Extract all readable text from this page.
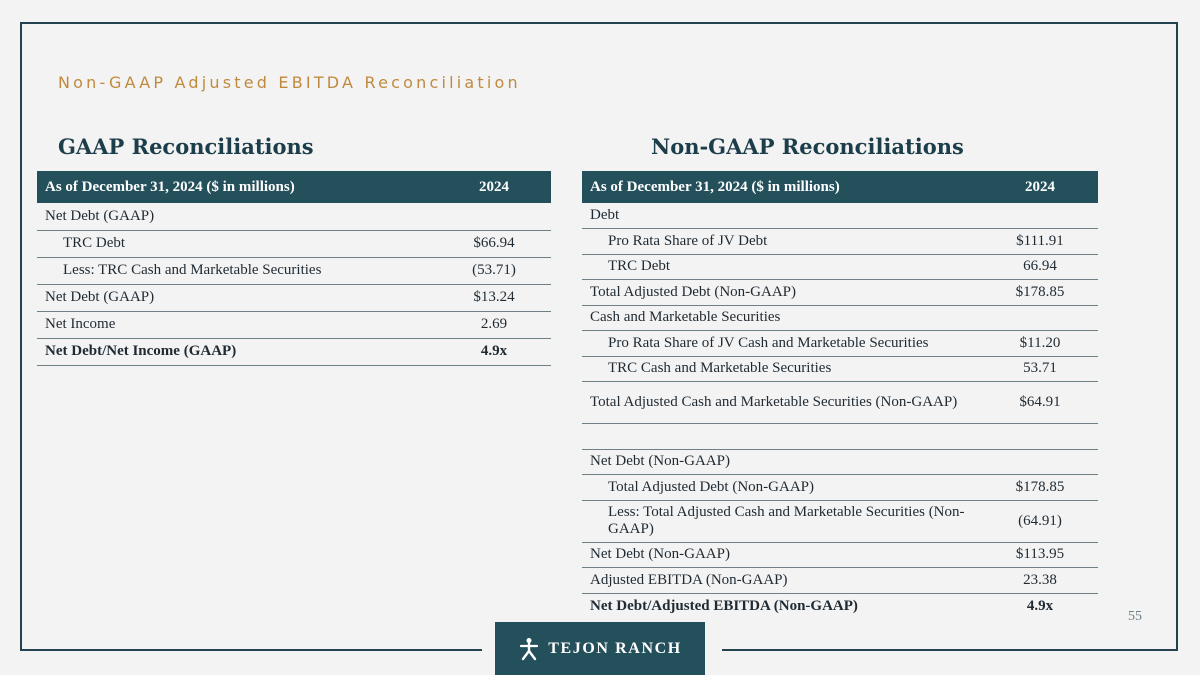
Non-GAAP Adjusted EBITDA Reconciliation
GAAP Reconciliations	Non-GAAP Reconciliations
As of December 31, 2024 ($ in millions)	2024
Net Debt (GAAP)	
TRC Debt	$66.94
Less: TRC Cash and Marketable Securities	(53.71)
Net Debt (GAAP)	$13.24
Net Income	2.69
Net Debt/Net Income (GAAP)	4.9x
As of December 31, 2024 ($ in millions)	2024
Debt	
Pro Rata Share of JV Debt	$111.91
TRC Debt	66.94
Total Adjusted Debt (Non-GAAP)	$178.85
Cash and Marketable Securities	
Pro Rata Share of JV Cash and Marketable Securities	$11.20
TRC Cash and Marketable Securities	53.71
Total Adjusted Cash and Marketable Securities (Non-GAAP)	$64.91

Net Debt (Non-GAAP)	
Total Adjusted Debt (Non-GAAP)	$178.85
Less: Total Adjusted Cash and Marketable Securities (Non-GAAP)	(64.91)
Net Debt (Non-GAAP)	$113.95
Adjusted EBITDA (Non-GAAP)	23.38
Net Debt/Adjusted EBITDA (Non-GAAP)	4.9x
55
TEJON RANCH
